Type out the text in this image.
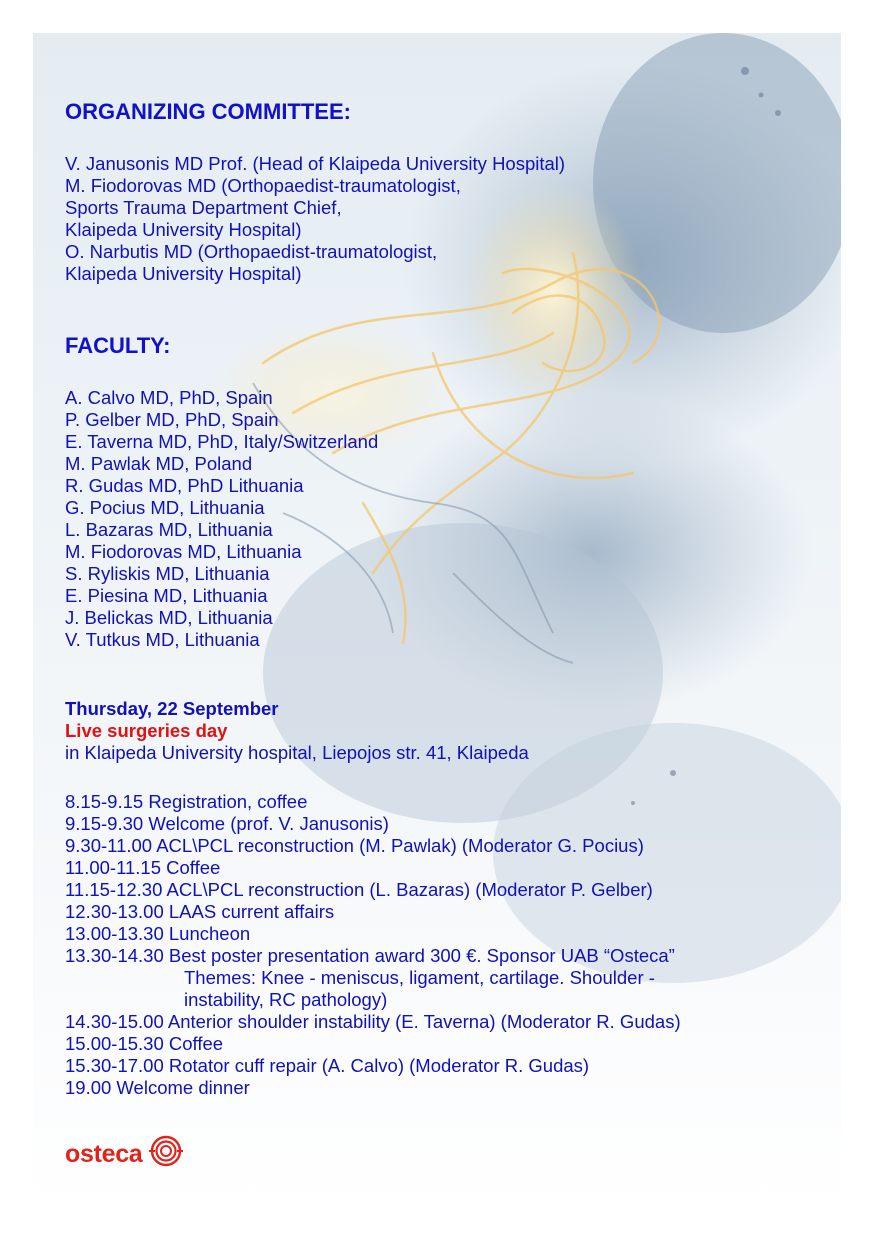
ORGANIZING COMMITTEE:
V. Janusonis MD Prof. (Head of Klaipeda University Hospital)
M. Fiodorovas MD (Orthopaedist-traumatologist,
Sports Trauma Department Chief,
Klaipeda University Hospital)
O. Narbutis MD (Orthopaedist-traumatologist,
Klaipeda University Hospital)
FACULTY:
A. Calvo MD, PhD, Spain
P. Gelber MD, PhD, Spain
E. Taverna MD, PhD, Italy/Switzerland
M. Pawlak MD, Poland
R. Gudas MD, PhD Lithuania
G. Pocius MD, Lithuania
L. Bazaras MD, Lithuania
M. Fiodorovas MD, Lithuania
S. Ryliskis MD, Lithuania
E. Piesina MD, Lithuania
J. Belickas MD, Lithuania
V. Tutkus MD, Lithuania
Thursday, 22 September
Live surgeries day
in Klaipeda University hospital, Liepojos str. 41, Klaipeda
8.15-9.15 Registration, coffee
9.15-9.30 Welcome (prof. V. Janusonis)
9.30-11.00 ACL\PCL reconstruction (M. Pawlak) (Moderator G. Pocius)
11.00-11.15 Coffee
11.15-12.30 ACL\PCL reconstruction (L. Bazaras) (Moderator P. Gelber)
12.30-13.00 LAAS current affairs
13.00-13.30 Luncheon
13.30-14.30 Best poster presentation award 300 €. Sponsor UAB “Osteca”
Themes: Knee - meniscus, ligament, cartilage. Shoulder -
instability, RC pathology)
14.30-15.00 Anterior shoulder instability (E. Taverna) (Moderator R. Gudas)
15.00-15.30 Coffee
15.30-17.00 Rotator cuff repair (A. Calvo) (Moderator R. Gudas)
19.00 Welcome dinner
osteca
